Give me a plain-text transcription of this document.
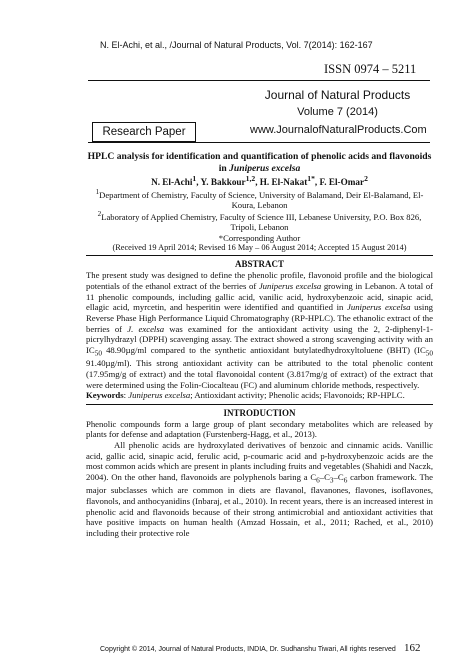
N. El-Achi, et al., /Journal of Natural Products, Vol. 7(2014): 162-167
ISSN 0974 – 5211
Journal of Natural Products
Volume 7 (2014)
www.JournalofNaturalProducts.Com
Research Paper

HPLC analysis for identification and quantification of phenolic acids and flavonoids in Juniperus excelsa

N. El-Achi$^1$, Y. Bakkour$^{1,2}$, H. El-Nakat$^{1*}$, F. El-Omar$^2$

$^1$Department of Chemistry, Faculty of Science, University of Balamand, Deir El-Balamand, El-Koura, Lebanon

$^2$Laboratory of Applied Chemistry, Faculty of Science III, Lebanese University, P.O. Box 826, Tripoli, Lebanon

*Corresponding Author

(Received 19 April 2014; Revised 16 May – 06 August 2014; Accepted 15 August 2014)

ABSTRACT

The present study was designed to define the phenolic profile, flavonoid profile and the biological potentials of the ethanol extract of the berries of Juniperus excelsa growing in Lebanon. A total of 11 phenolic compounds, including gallic acid, vanilic acid, hydroxybenzoic acid, sinapic acid, ellagic acid, myrcetin, and hesperitin were identified and quantified in Juniperus excelsa using Reverse Phase High Performance Liquid Chromatography (RP-HPLC). The ethanolic extract of the berries of J. excelsa was examined for the antioxidant activity using the 2, 2-diphenyl-1-picrylhydrazyl (DPPH) scavenging assay. The extract showed a strong scavenging activity with an $IC_{50}$ 48.90µg/ml compared to the synthetic antioxidant butylatedhydroxyltoluene (BHT) ($IC_{50}$ 91.40µg/ml). This strong antioxidant activity can be attributed to the total phenolic content (17.95mg/g of extract) and the total flavonoidal content (3.817mg/g of extract) of the extract that were determined using the Folin-Ciocalteau (FC) and aluminum chloride methods, respectively.

Keywords: Juniperus excelsa; Antioxidant activity; Phenolic acids; Flavonoids; RP-HPLC.

INTRODUCTION

Phenolic compounds form a large group of plant secondary metabolites which are released by plants for defense and adaptation (Furstenberg-Hagg, et al., 2013).

All phenolic acids are hydroxylated derivatives of benzoic and cinnamic acids. Vanillic acid, gallic acid, sinapic acid, ferulic acid, p-coumaric acid and p-hydroxybenzoic acids are the most common acids which are present in plants including fruits and vegetables (Shahidi and Naczk, 2004). On the other hand, flavonoids are polyphenols baring a $C_6-C_3-C_6$ carbon framework. The major subclasses which are common in diets are flavanol, flavanones, flavones, isoflavones, flavonols, and anthocyanidins (Inbaraj, et al., 2010). In recent years, there is an increased interest in phenolic acid and flavonoids because of their strong antimicrobial and antioxidant activities that have positive impacts on human health (Amzad Hossain, et al., 2011; Rached, et al., 2010) including their protective role

Copyright © 2014, Journal of Natural Products, INDIA, Dr. Sudhanshu Tiwari, All rights reserved 162
